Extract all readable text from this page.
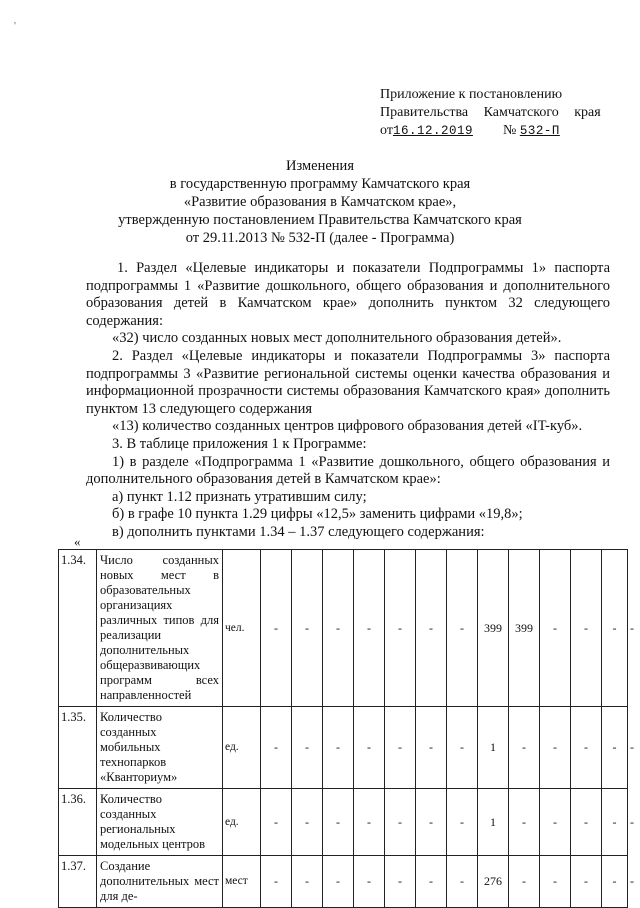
'
Приложение к постановлению
Правительства Камчатского края
от16.12.2019 № 532-П
Изменения
в государственную программу Камчатского края
«Развитие образования в Камчатском крае»,
утвержденную постановлением Правительства Камчатского края
от 29.11.2013 № 532-П (далее - Программа)

1. Раздел «Целевые индикаторы и показатели Подпрограммы 1» паспорта подпрограммы 1 «Развитие дошкольного, общего образования и дополнительного образования детей в Камчатском крае» дополнить пунктом 32 следующего содержания:

«32) число созданных новых мест дополнительного образования детей».

2. Раздел «Целевые индикаторы и показатели Подпрограммы 3» паспорта подпрограммы 3 «Развитие региональной системы оценки качества образования и информационной прозрачности системы образования Камчатского края» дополнить пунктом 13 следующего содержания

«13) количество созданных центров цифрового образования детей «IT-куб».

3. В таблице приложения 1 к Программе:

1) в разделе «Подпрограмма 1 «Развитие дошкольного, общего образования и дополнительного образования детей в Камчатском крае»:

а) пункт 1.12 признать утратившим силу;

б) в графе 10 пункта 1.29 цифры «12,5» заменить цифрами «19,8»;

в) дополнить пунктами 1.34 – 1.37 следующего содержания:

«
1.34.	Число созданных новых мест в образовательных организациях различных типов для реализации дополнительных общеразвивающих программ всех направленностей	чел.	-	-	-	-	-	-	-	399	399	-	-	-	-
1.35.	Количество созданных мобильных технопарков «Кванториум»	ед.	-	-	-	-	-	-	-	1	-	-	-	-	-
1.36.	Количество созданных региональных модельных центров	ед.	-	-	-	-	-	-	-	1	-	-	-	-	-
1.37.	Создание дополнительных мест для де-	мест	-	-	-	-	-	-	-	276	-	-	-	-	-
